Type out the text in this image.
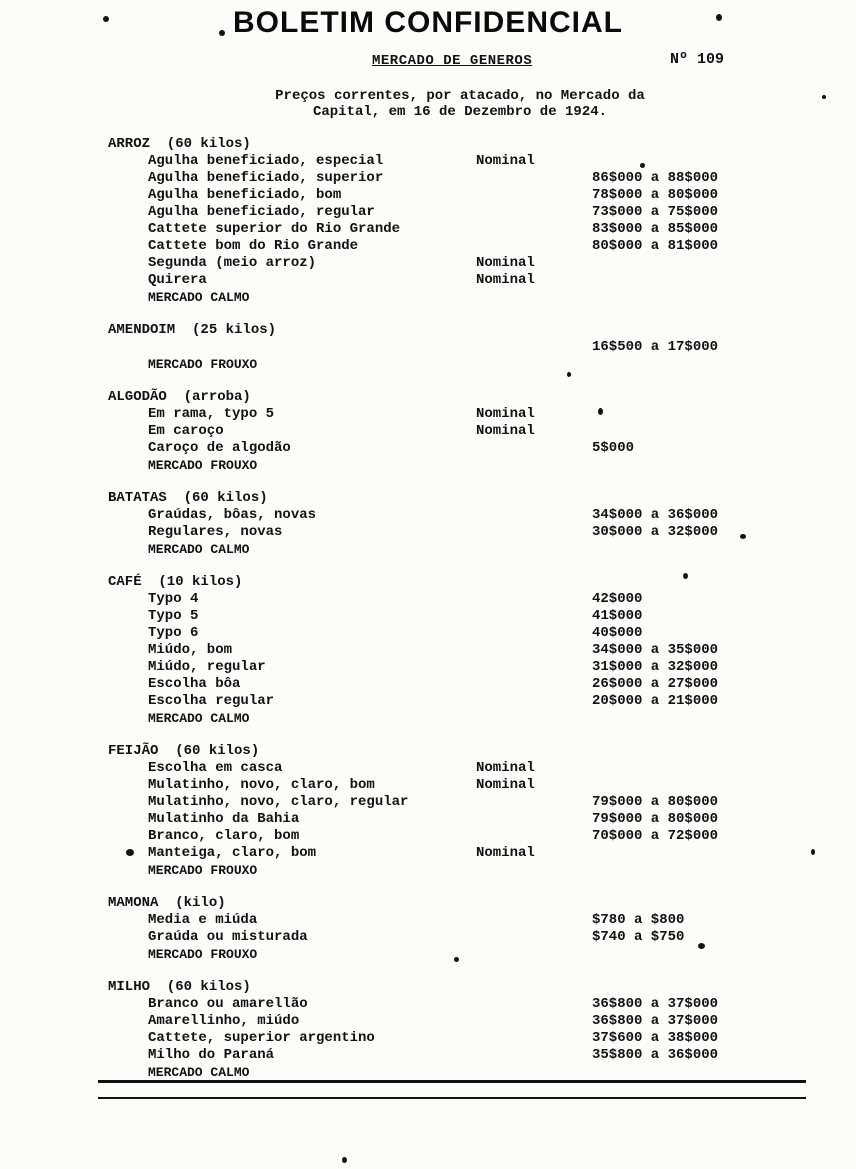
BOLETIM CONFIDENCIAL
MERCADO DE GENEROS	Nº 109
Preços correntes, por atacado, no Mercado da
Capital, em 16 de Dezembro de 1924.
ARROZ  (60 kilos)
Agulha beneficiado, especial	Nominal
Agulha beneficiado, superior	86$000 a 88$000
Agulha beneficiado, bom	78$000 a 80$000
Agulha beneficiado, regular	73$000 a 75$000
Cattete superior do Rio Grande	83$000 a 85$000
Cattete bom do Rio Grande	80$000 a 81$000
Segunda (meio arroz)	Nominal
Quirera	Nominal
MERCADO CALMO
AMENDOIM  (25 kilos)
16$500 a 17$000
MERCADO FROUXO
ALGODÃO  (arroba)
Em rama, typo 5	Nominal
Em caroço	Nominal
Caroço de algodão	5$000
MERCADO FROUXO
BATATAS  (60 kilos)
Graúdas, bôas, novas	34$000 a 36$000
Regulares, novas	30$000 a 32$000
MERCADO CALMO
CAFÉ  (10 kilos)
Typo 4	42$000
Typo 5	41$000
Typo 6	40$000
Miúdo, bom	34$000 a 35$000
Miúdo, regular	31$000 a 32$000
Escolha bôa	26$000 a 27$000
Escolha regular	20$000 a 21$000
MERCADO CALMO
FEIJÃO  (60 kilos)
Escolha em casca	Nominal
Mulatinho, novo, claro, bom	Nominal
Mulatinho, novo, claro, regular	79$000 a 80$000
Mulatinho da Bahia	79$000 a 80$000
Branco, claro, bom	70$000 a 72$000
Manteiga, claro, bom	Nominal
MERCADO FROUXO
MAMONA  (kilo)
Media e miúda	$780 a $800
Graúda ou misturada	$740 a $750
MERCADO FROUXO
MILHO  (60 kilos)
Branco ou amarellão	36$800 a 37$000
Amarellinho, miúdo	36$800 a 37$000
Cattete, superior argentino	37$600 a 38$000
Milho do Paraná	35$800 a 36$000
MERCADO CALMO
